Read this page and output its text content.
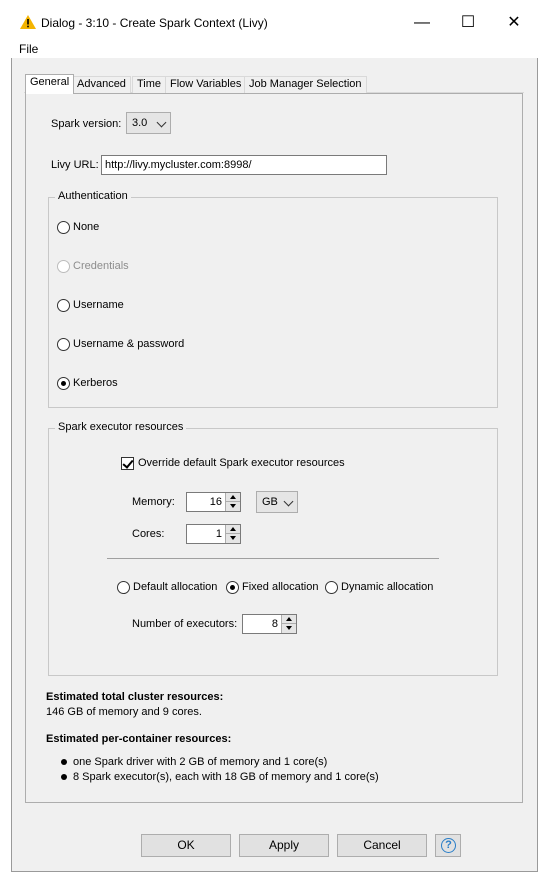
Dialog - 3:10 - Create Spark Context (Livy)	—	☐	✕
File
General Advanced	Time Flow Variables Job Manager Selection
Spark version: 3.0
Livy URL: http://livy.mycluster.com:8998/
Authentication
None
Credentials
Username
Username & password
Kerberos
Spark executor resources
Override default Spark executor resources
Memory:	16	GB
Cores:	1
Default allocation Fixed allocation Dynamic allocation
Number of executors:	8
Estimated total cluster resources:
146 GB of memory and 9 cores.
Estimated per-container resources:
one Spark driver with 2 GB of memory and 1 core(s)
8 Spark executor(s), each with 18 GB of memory and 1 core(s)
OK	Apply	Cancel	?
